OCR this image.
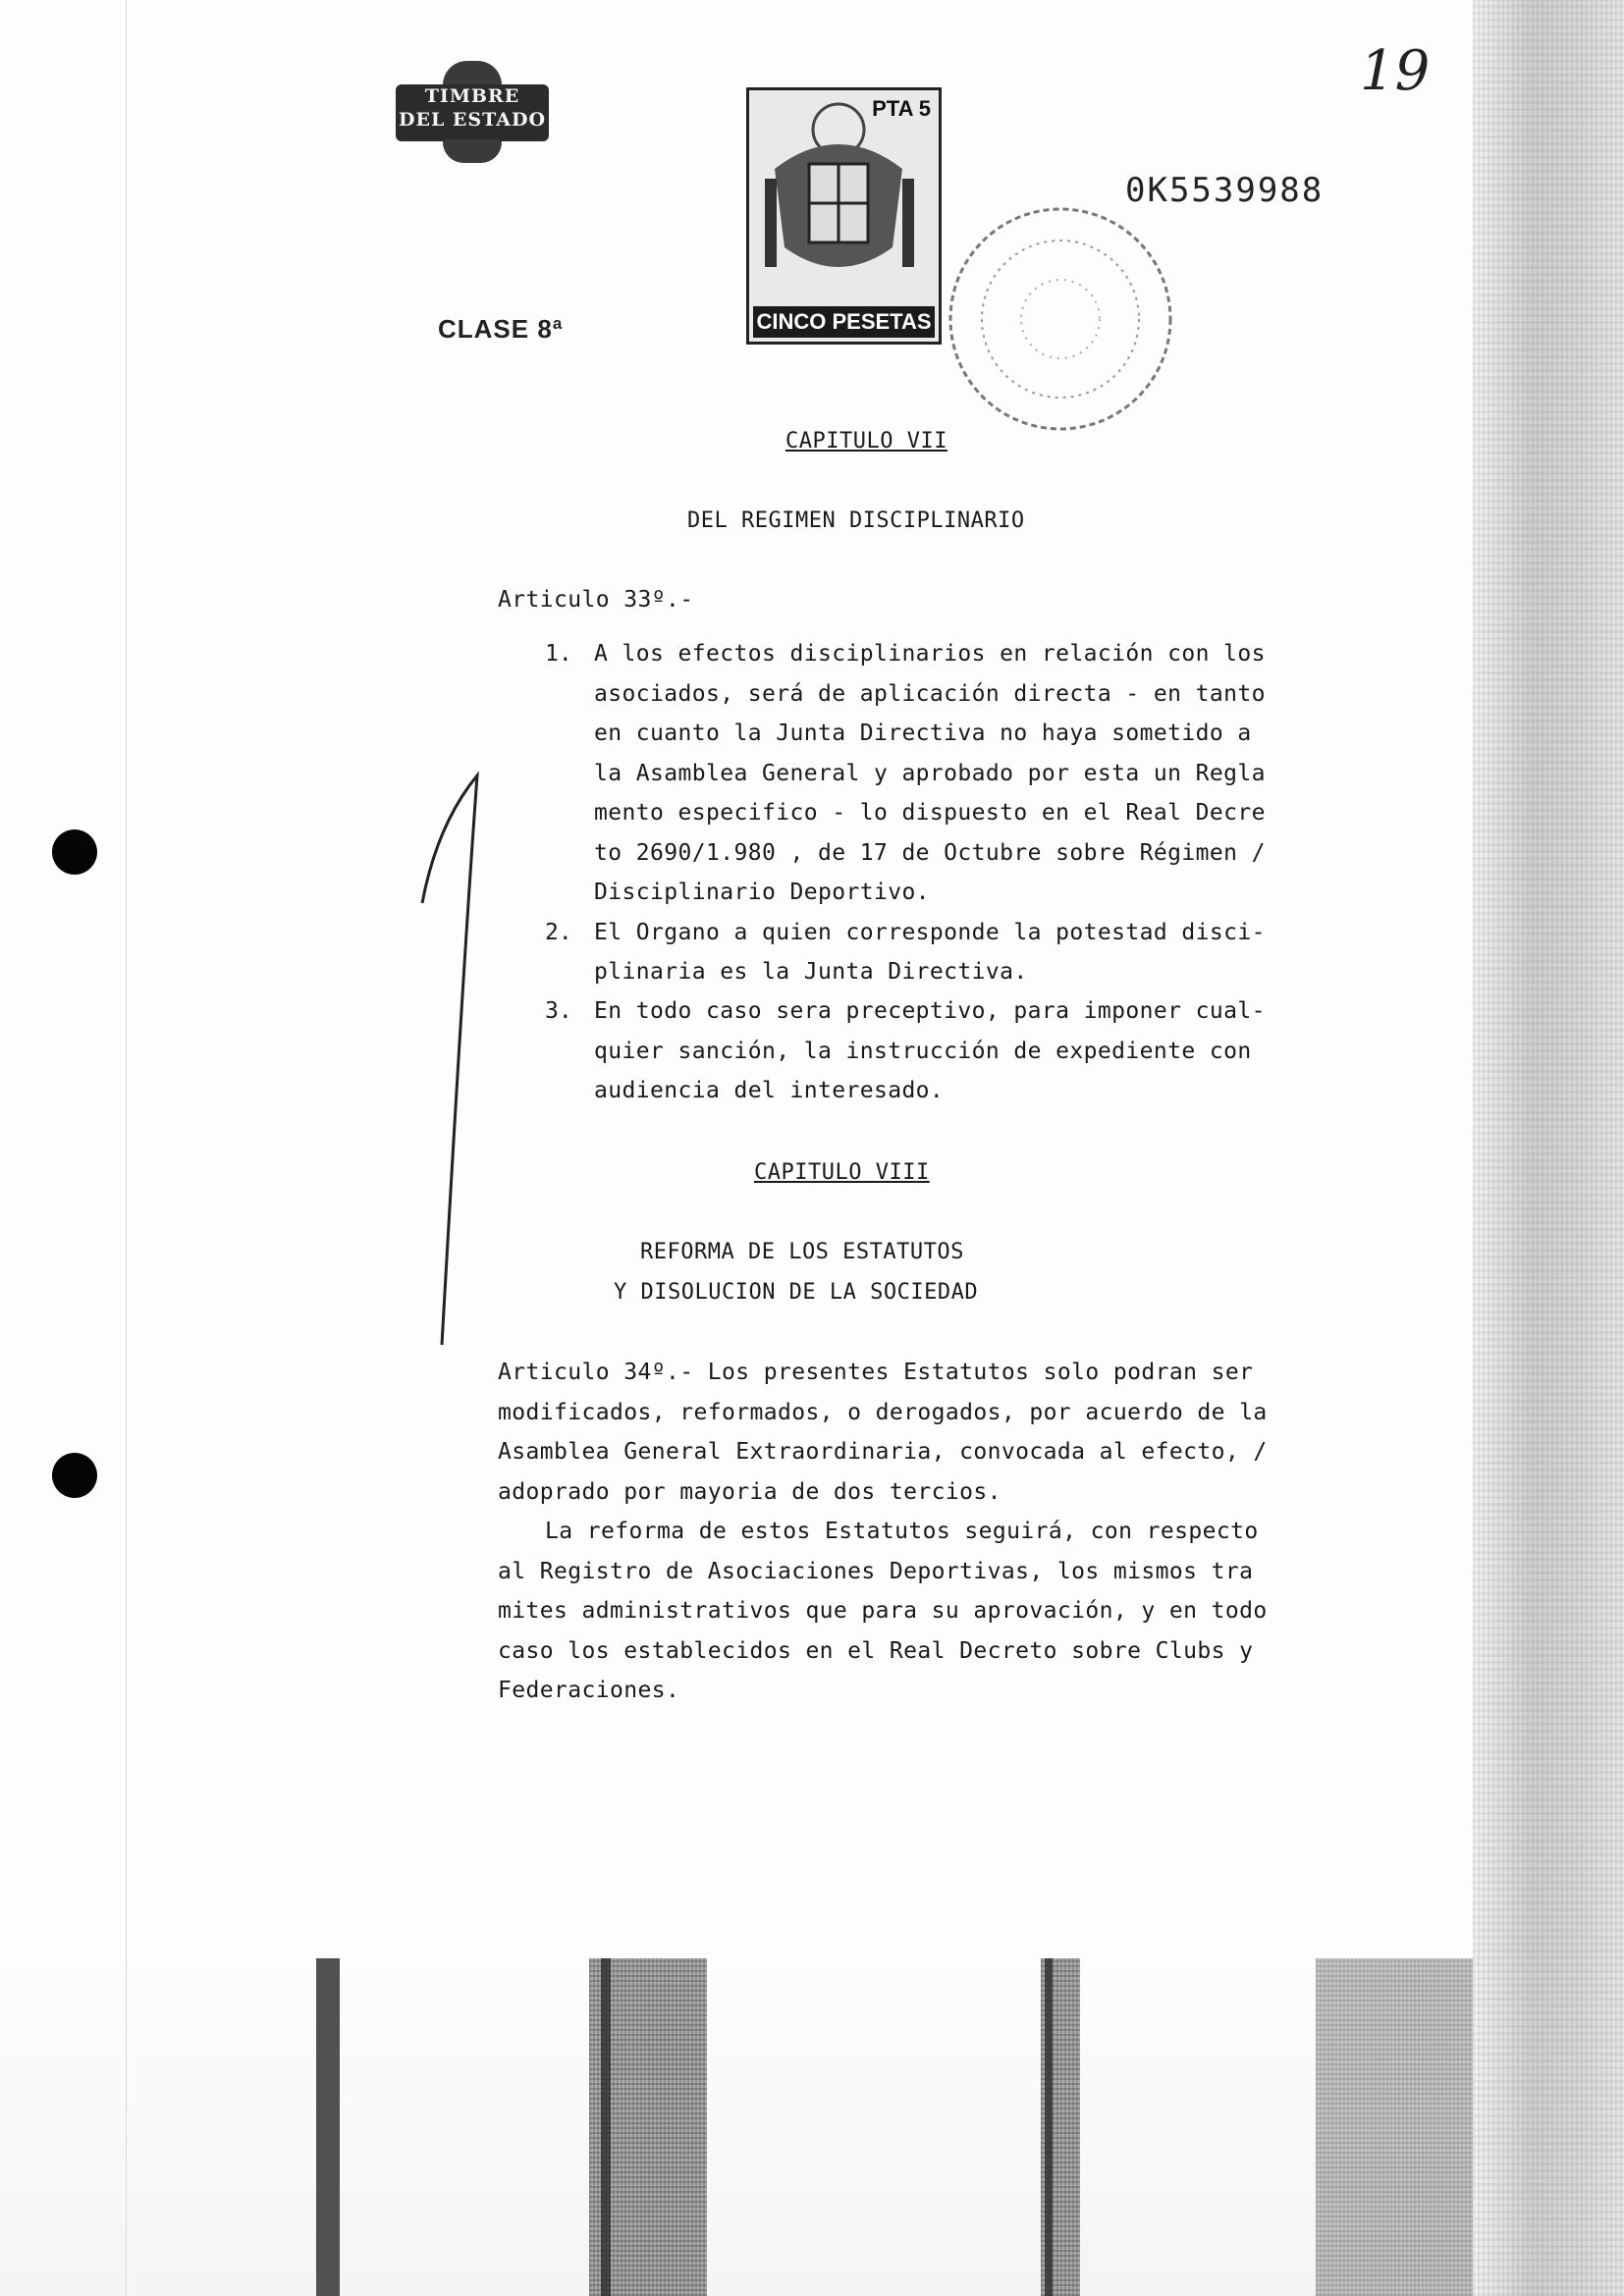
TIMBRE
DEL ESTADO
CLASE 8ª
PTA 5
CINCO PESETAS
0K5539988
19
CAPITULO VII
DEL REGIMEN DISCIPLINARIO
Articulo 33º.-
1. A los efectos disciplinarios en relación con los
asociados, será de aplicación directa - en tanto
en cuanto la Junta Directiva no haya sometido a
la Asamblea General y aprobado por esta un Regla
mento especifico - lo dispuesto en el Real Decre
to 2690/1.980 , de 17 de Octubre sobre Régimen /
Disciplinario Deportivo.
2. El Organo a quien corresponde la potestad disci-
plinaria es la Junta Directiva.
3. En todo caso sera preceptivo, para imponer cual-
quier sanción, la instrucción de expediente con
audiencia del interesado.
CAPITULO VIII
REFORMA DE LOS ESTATUTOS
Y DISOLUCION DE LA SOCIEDAD
Articulo 34º.- Los presentes Estatutos solo podran ser
modificados, reformados, o derogados, por acuerdo de la
Asamblea General Extraordinaria, convocada al efecto, /
adoprado por mayoria de dos tercios.
La reforma de estos Estatutos seguirá, con respecto
al Registro de Asociaciones Deportivas, los mismos tra
mites administrativos que para su aprovación, y en todo
caso los establecidos en el Real Decreto sobre Clubs y
Federaciones.
